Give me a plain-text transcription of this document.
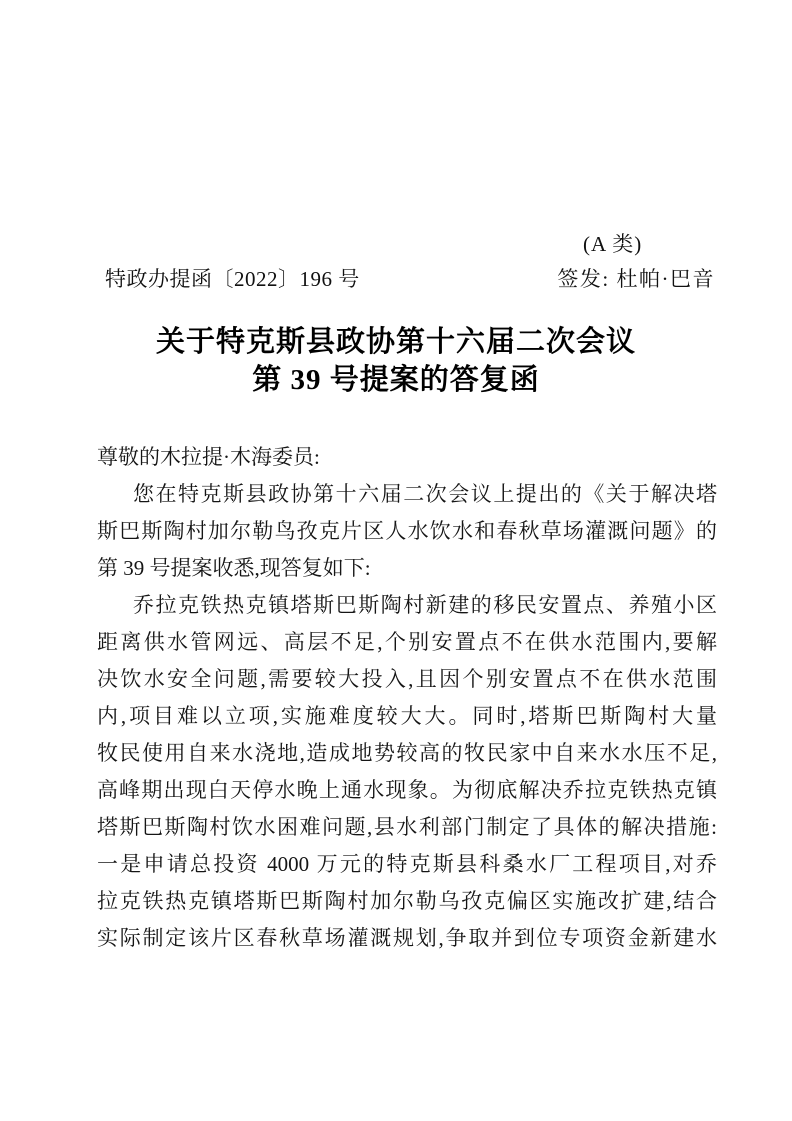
(A 类)
特政办提函〔2022〕196 号	签发: 杜帕·巴音
关于特克斯县政协第十六届二次会议
第 39 号提案的答复函
尊敬的木拉提·木海委员:
您在特克斯县政协第十六届二次会议上提出的《关于解决塔
斯巴斯陶村加尔勒鸟孜克片区人水饮水和春秋草场灌溉问题》的
第 39 号提案收悉,现答复如下:
乔拉克铁热克镇塔斯巴斯陶村新建的移民安置点、养殖小区
距离供水管网远、高层不足,个别安置点不在供水范围内,要解
决饮水安全问题,需要较大投入,且因个别安置点不在供水范围
内,项目难以立项,实施难度较大大。同时,塔斯巴斯陶村大量
牧民使用自来水浇地,造成地势较高的牧民家中自来水水压不足,
高峰期出现白天停水晚上通水现象。为彻底解决乔拉克铁热克镇
塔斯巴斯陶村饮水困难问题,县水利部门制定了具体的解决措施:
一是申请总投资 4000 万元的特克斯县科桑水厂工程项目,对乔
拉克铁热克镇塔斯巴斯陶村加尔勒乌孜克偏区实施改扩建,结合
实际制定该片区春秋草场灌溉规划,争取并到位专项资金新建水
